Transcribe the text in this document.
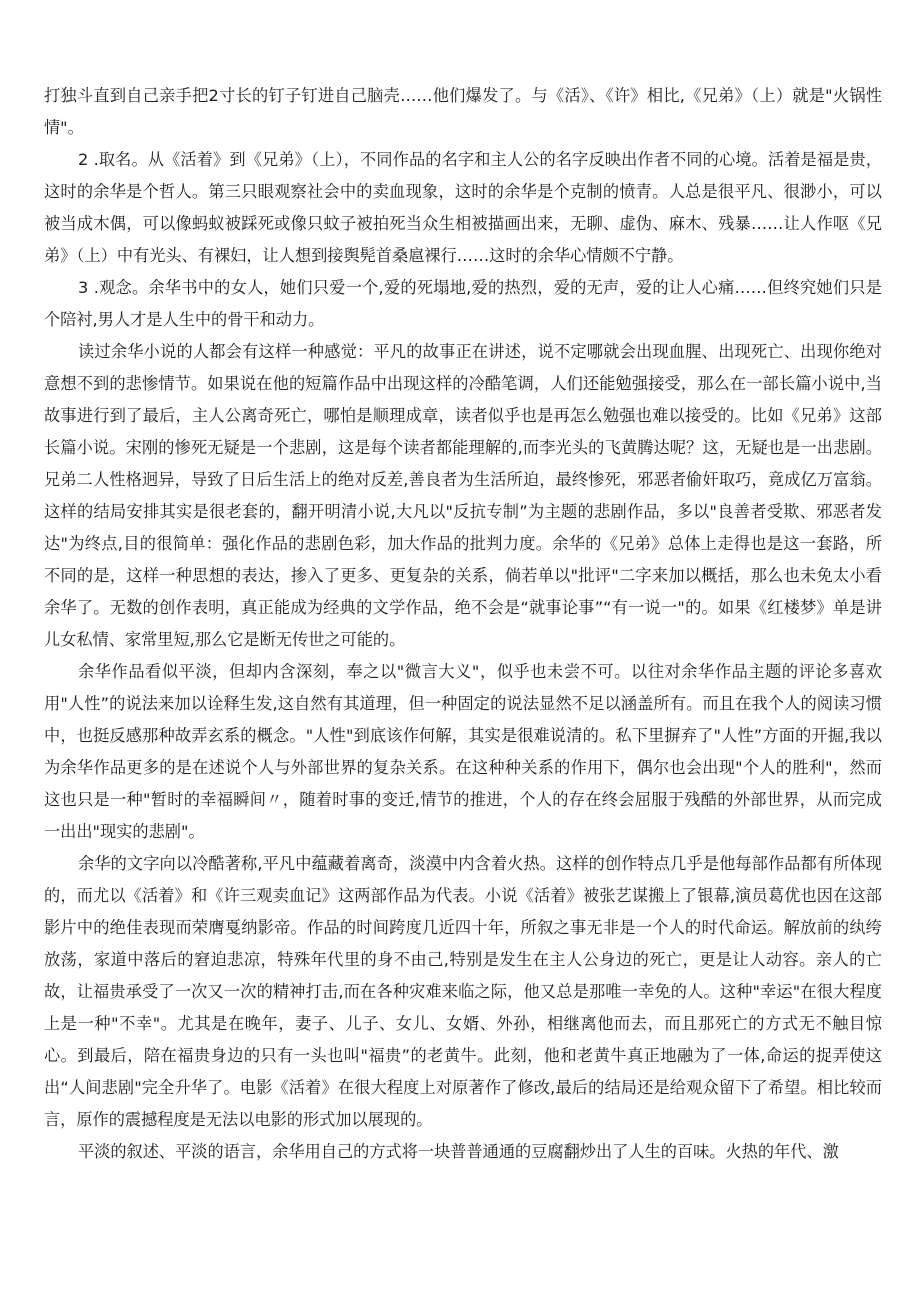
打独斗直到自己亲手把2寸长的钉子钉进自己脑壳……他们爆发了。与《活》、《许》相比,《兄弟》（上）就是"火锅性情"。

2 .取名。从《活着》到《兄弟》（上），不同作品的名字和主人公的名字反映出作者不同的心境。活着是福是贵，这时的余华是个哲人。第三只眼观察社会中的卖血现象，这时的余华是个克制的愤青。人总是很平凡、很渺小，可以被当成木偶，可以像蚂蚁被踩死或像只蚊子被拍死当众生相被描画出来，无聊、虚伪、麻木、残暴……让人作呕《兄弟》（上）中有光头、有裸妇，让人想到接舆髡首桑扈裸行……这时的余华心情颇不宁静。

3 .观念。余华书中的女人，她们只爱一个,爱的死塌地,爱的热烈，爱的无声，爱的让人心痛……但终究她们只是个陪衬,男人才是人生中的骨干和动力。

读过余华小说的人都会有这样一种感觉：平凡的故事正在讲述，说不定哪就会出现血腥、出现死亡、出现你绝对意想不到的悲惨情节。如果说在他的短篇作品中出现这样的冷酷笔调，人们还能勉强接受，那么在一部长篇小说中,当故事进行到了最后，主人公离奇死亡，哪怕是顺理成章，读者似乎也是再怎么勉强也难以接受的。比如《兄弟》这部长篇小说。宋刚的惨死无疑是一个悲剧，这是每个读者都能理解的,而李光头的飞黄腾达呢？这，无疑也是一出悲剧。兄弟二人性格迥异，导致了日后生活上的绝对反差,善良者为生活所迫，最终惨死，邪恶者偷奸取巧，竟成亿万富翁。这样的结局安排其实是很老套的，翻开明清小说,大凡以"反抗专制”为主题的悲剧作品，多以"良善者受欺、邪恶者发达"为终点,目的很简单：强化作品的悲剧色彩，加大作品的批判力度。余华的《兄弟》总体上走得也是这一套路，所不同的是，这样一种思想的表达，掺入了更多、更复杂的关系，倘若单以"批评"二字来加以概括，那么也未免太小看余华了。无数的创作表明，真正能成为经典的文学作品，绝不会是“就事论事”“有一说一"的。如果《红楼梦》单是讲儿女私情、家常里短,那么它是断无传世之可能的。

余华作品看似平淡，但却内含深刻，奉之以"微言大义"，似乎也未尝不可。以往对余华作品主题的评论多喜欢用"人性”的说法来加以诠释生发,这自然有其道理，但一种固定的说法显然不足以涵盖所有。而且在我个人的阅读习惯中，也挺反感那种故弄玄系的概念。"人性"到底该作何解，其实是很难说清的。私下里摒弃了"人性”方面的开掘,我以为余华作品更多的是在述说个人与外部世界的复杂关系。在这种种关系的作用下，偶尔也会出现"个人的胜利"，然而这也只是一种"暂时的幸福瞬间〃，随着时事的变迁,情节的推进，个人的存在终会屈服于残酷的外部世界，从而完成一出出"现实的悲剧"。

余华的文字向以冷酷著称,平凡中蕴藏着离奇，淡漠中内含着火热。这样的创作特点几乎是他每部作品都有所体现的，而尤以《活着》和《许三观卖血记》这两部作品为代表。小说《活着》被张艺谋搬上了银幕,演员葛优也因在这部影片中的绝佳表现而荣膺戛纳影帝。作品的时间跨度几近四十年，所叙之事无非是一个人的时代命运。解放前的纨绔放荡，家道中落后的窘迫悲凉，特殊年代里的身不由己,特别是发生在主人公身边的死亡，更是让人动容。亲人的亡故，让福贵承受了一次又一次的精神打击,而在各种灾难来临之际，他又总是那唯一幸免的人。这种"幸运"在很大程度上是一种"不幸"。尤其是在晚年，妻子、儿子、女儿、女婿、外孙，相继离他而去，而且那死亡的方式无不触目惊心。到最后，陪在福贵身边的只有一头也叫"福贵”的老黄牛。此刻，他和老黄牛真正地融为了一体,命运的捉弄使这出“人间悲剧"完全升华了。电影《活着》在很大程度上对原著作了修改,最后的结局还是给观众留下了希望。相比较而言，原作的震撼程度是无法以电影的形式加以展现的。

平淡的叙述、平淡的语言，余华用自己的方式将一块普普通通的豆腐翻炒出了人生的百味。火热的年代、激
